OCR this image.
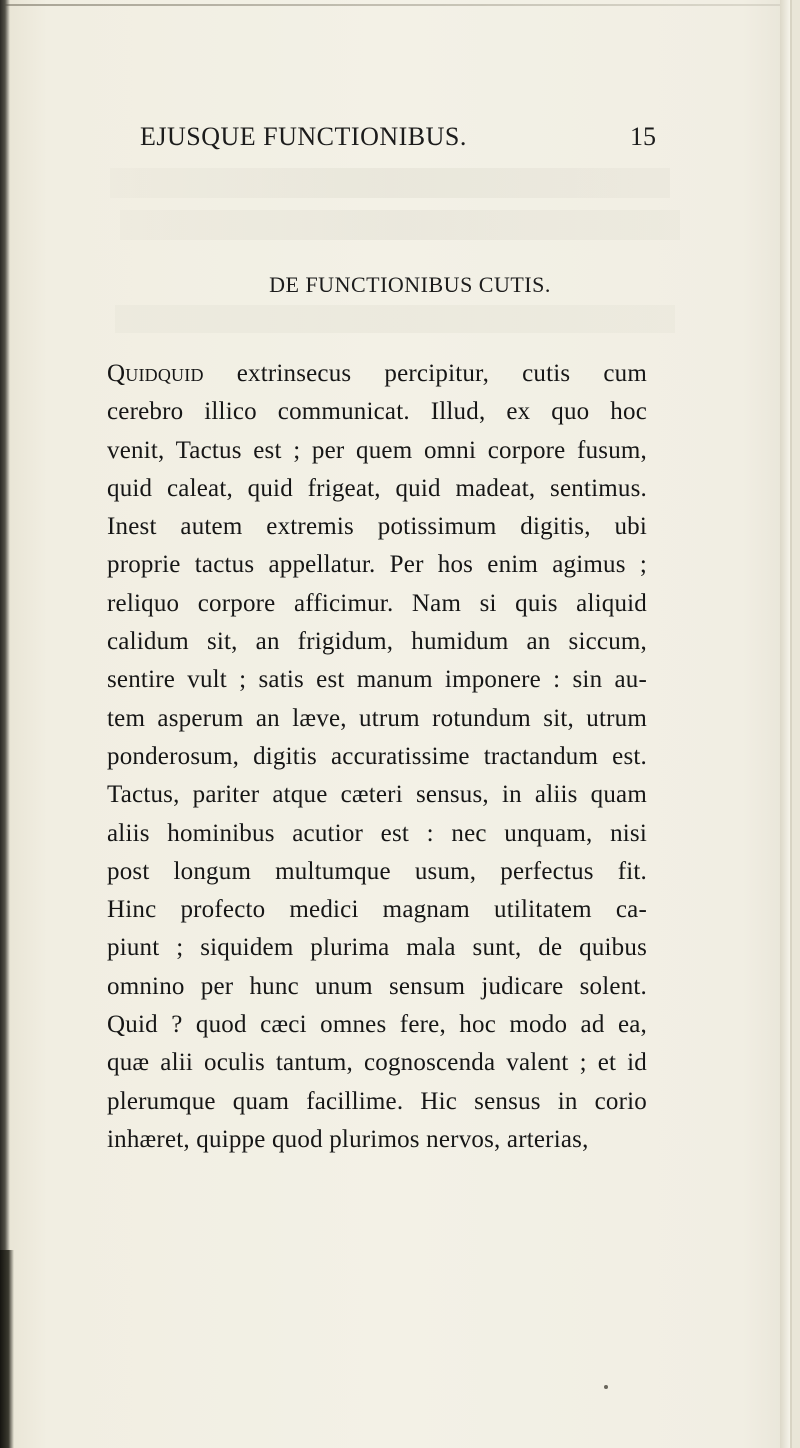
EJUSQUE FUNCTIONIBUS.	15
DE FUNCTIONIBUS CUTIS.
Quidquid extrinsecus percipitur, cutis cum
cerebro illico communicat. Illud, ex quo hoc
venit, Tactus est ; per quem omni corpore fusum,
quid caleat, quid frigeat, quid madeat, sentimus.
Inest autem extremis potissimum digitis, ubi
proprie tactus appellatur. Per hos enim agimus ;
reliquo corpore afficimur. Nam si quis aliquid
calidum sit, an frigidum, humidum an siccum,
sentire vult ; satis est manum imponere : sin au-
tem asperum an læve, utrum rotundum sit, utrum
ponderosum, digitis accuratissime tractandum est.
Tactus, pariter atque cæteri sensus, in aliis quam
aliis hominibus acutior est : nec unquam, nisi
post longum multumque usum, perfectus fit.
Hinc profecto medici magnam utilitatem ca-
piunt ; siquidem plurima mala sunt, de quibus
omnino per hunc unum sensum judicare solent.
Quid ? quod cæci omnes fere, hoc modo ad ea,
quæ alii oculis tantum, cognoscenda valent ; et id
plerumque quam facillime. Hic sensus in corio
inhæret, quippe quod plurimos nervos, arterias,
